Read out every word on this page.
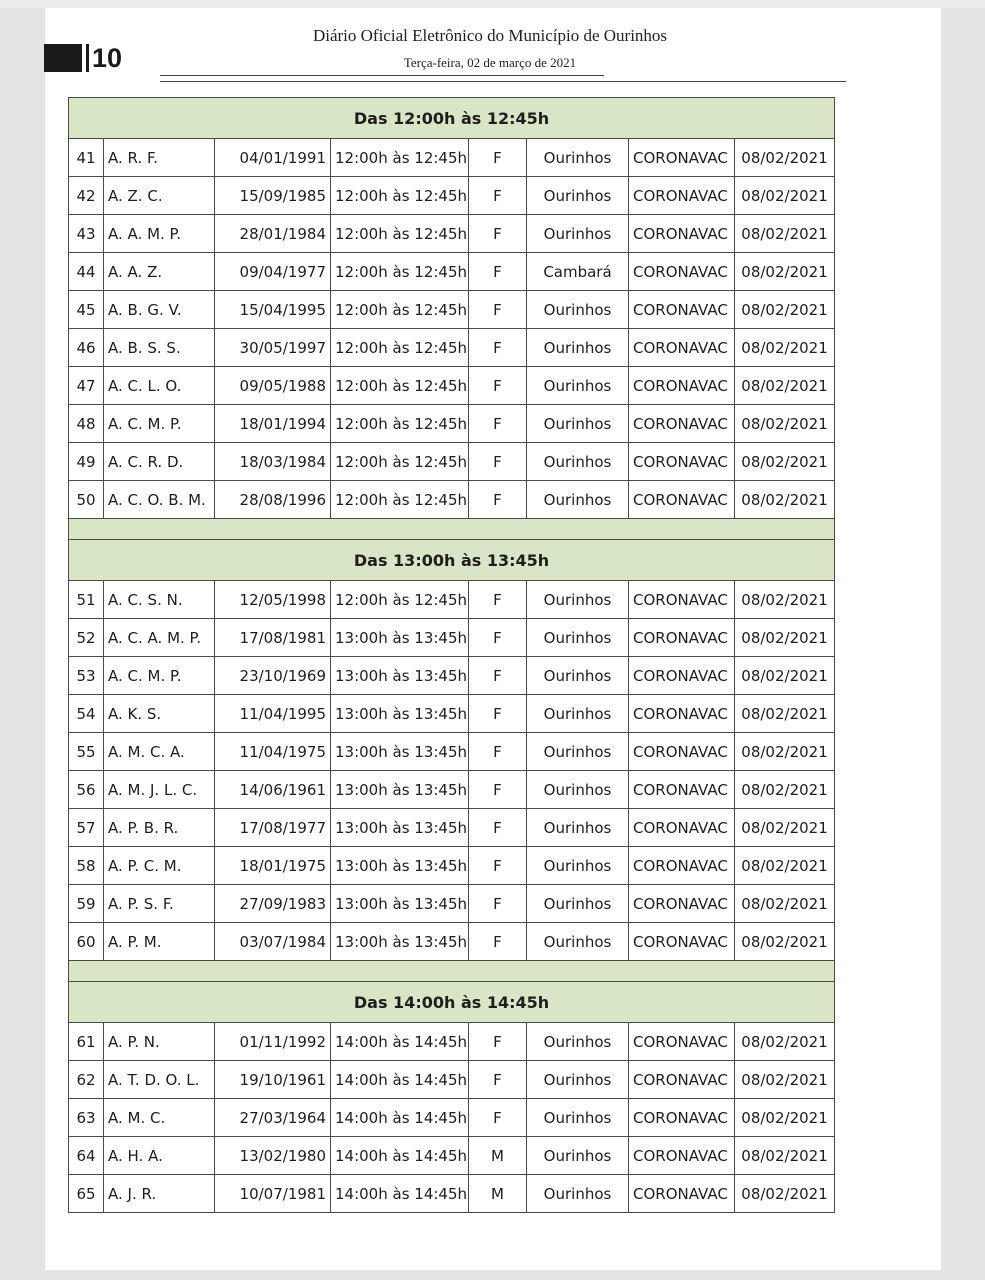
10
Diário Oficial Eletrônico do Município de Ourinhos
Terça-feira, 02 de março de 2021
Das 12:00h às 12:45h							
41	A. R. F.	04/01/1991	12:00h às 12:45h	F	Ourinhos	CORONAVAC	08/02/2021
42	A. Z. C.	15/09/1985	12:00h às 12:45h	F	Ourinhos	CORONAVAC	08/02/2021
43	A. A. M. P.	28/01/1984	12:00h às 12:45h	F	Ourinhos	CORONAVAC	08/02/2021
44	A. A. Z.	09/04/1977	12:00h às 12:45h	F	Cambará	CORONAVAC	08/02/2021
45	A. B. G. V.	15/04/1995	12:00h às 12:45h	F	Ourinhos	CORONAVAC	08/02/2021
46	A. B. S. S.	30/05/1997	12:00h às 12:45h	F	Ourinhos	CORONAVAC	08/02/2021
47	A. C. L. O.	09/05/1988	12:00h às 12:45h	F	Ourinhos	CORONAVAC	08/02/2021
48	A. C. M. P.	18/01/1994	12:00h às 12:45h	F	Ourinhos	CORONAVAC	08/02/2021
49	A. C. R. D.	18/03/1984	12:00h às 12:45h	F	Ourinhos	CORONAVAC	08/02/2021
50	A. C. O. B. M.	28/08/1996	12:00h às 12:45h	F	Ourinhos	CORONAVAC	08/02/2021

Das 13:00h às 13:45h							
51	A. C. S. N.	12/05/1998	12:00h às 12:45h	F	Ourinhos	CORONAVAC	08/02/2021
52	A. C. A. M. P.	17/08/1981	13:00h às 13:45h	F	Ourinhos	CORONAVAC	08/02/2021
53	A. C. M. P.	23/10/1969	13:00h às 13:45h	F	Ourinhos	CORONAVAC	08/02/2021
54	A. K. S.	11/04/1995	13:00h às 13:45h	F	Ourinhos	CORONAVAC	08/02/2021
55	A. M. C. A.	11/04/1975	13:00h às 13:45h	F	Ourinhos	CORONAVAC	08/02/2021
56	A. M. J. L. C.	14/06/1961	13:00h às 13:45h	F	Ourinhos	CORONAVAC	08/02/2021
57	A. P. B. R.	17/08/1977	13:00h às 13:45h	F	Ourinhos	CORONAVAC	08/02/2021
58	A. P. C. M.	18/01/1975	13:00h às 13:45h	F	Ourinhos	CORONAVAC	08/02/2021
59	A. P. S. F.	27/09/1983	13:00h às 13:45h	F	Ourinhos	CORONAVAC	08/02/2021
60	A. P. M.	03/07/1984	13:00h às 13:45h	F	Ourinhos	CORONAVAC	08/02/2021

Das 14:00h às 14:45h							
61	A. P. N.	01/11/1992	14:00h às 14:45h	F	Ourinhos	CORONAVAC	08/02/2021
62	A. T. D. O. L.	19/10/1961	14:00h às 14:45h	F	Ourinhos	CORONAVAC	08/02/2021
63	A. M. C.	27/03/1964	14:00h às 14:45h	F	Ourinhos	CORONAVAC	08/02/2021
64	A. H. A.	13/02/1980	14:00h às 14:45h	M	Ourinhos	CORONAVAC	08/02/2021
65	A. J. R.	10/07/1981	14:00h às 14:45h	M	Ourinhos	CORONAVAC	08/02/2021
